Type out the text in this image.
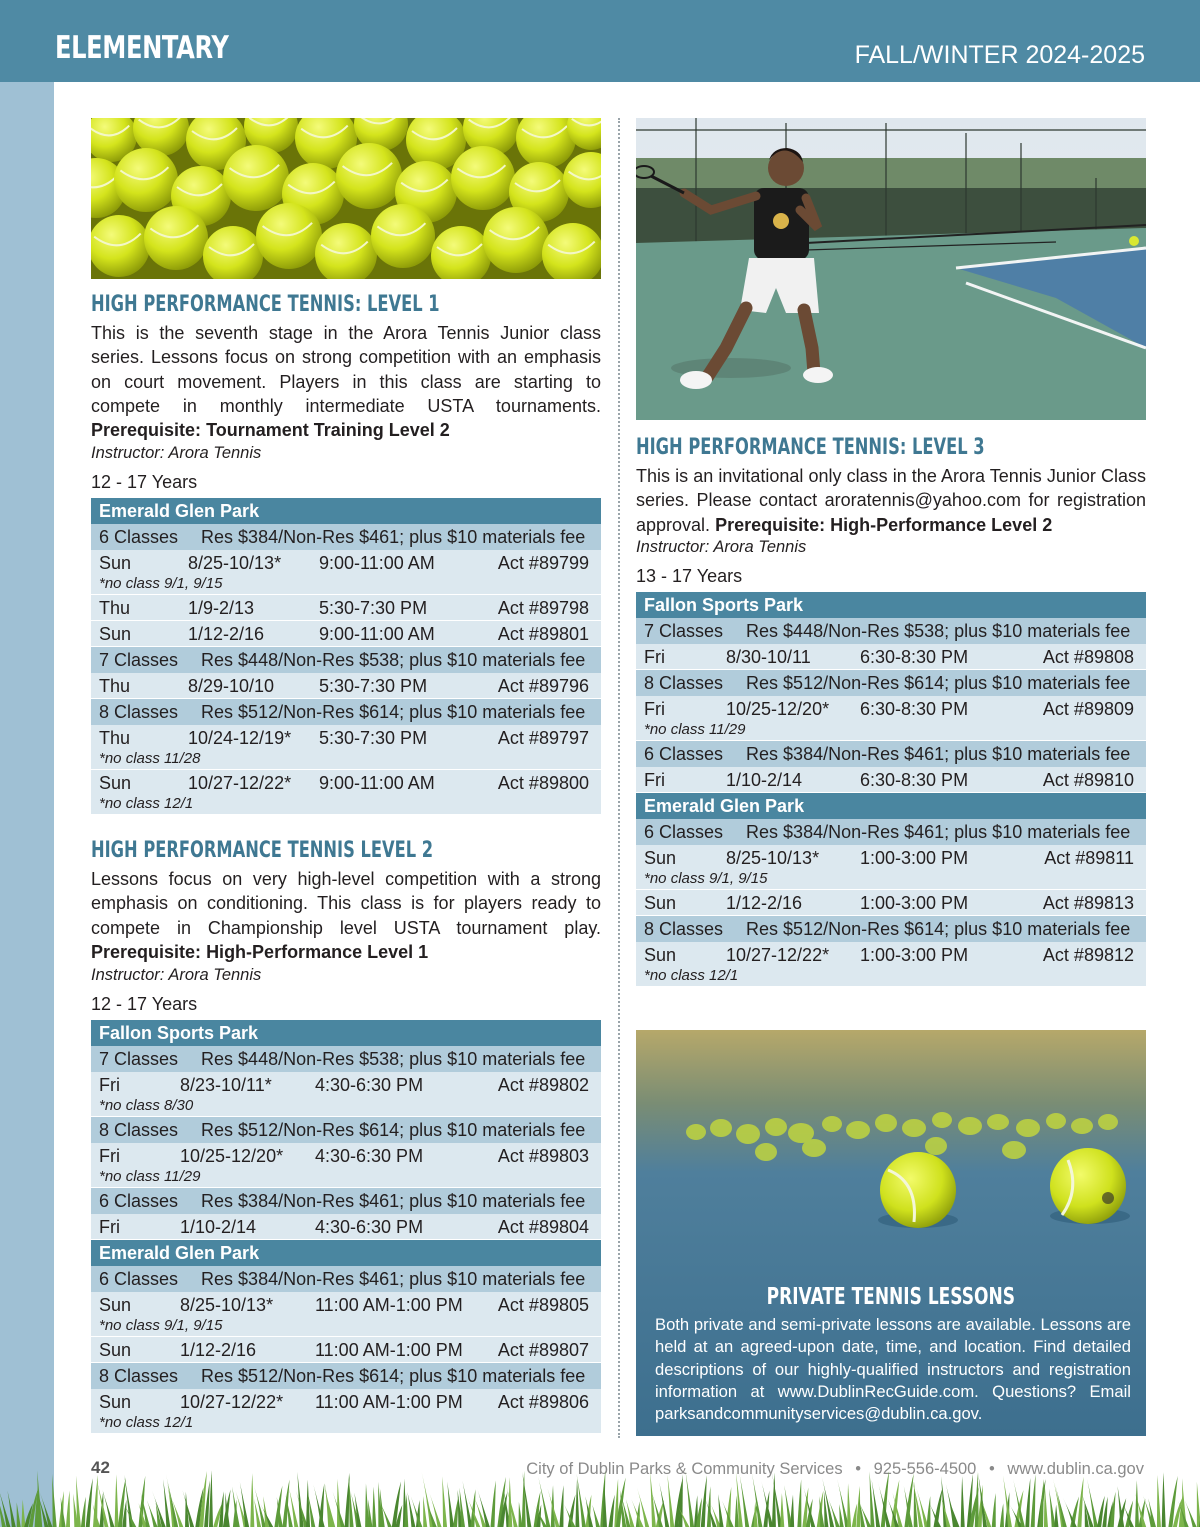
ELEMENTARY	FALL/WINTER 2024-2025
HIGH PERFORMANCE TENNIS: LEVEL 1
This is the seventh stage in the Arora Tennis Junior class series. Lessons focus on strong competition with an emphasis on court movement. Players in this class are starting to compete in monthly intermediate USTA tournaments. Prerequisite: Tournament Training Level 2
Instructor: Arora Tennis
12 - 17 Years
Emerald Glen Park
6 Classes Res $384/Non-Res $461; plus $10 materials fee
Sun	8/25-10/13* 9:00-11:00 AM	Act #89799
*no class 9/1, 9/15
Thu	1/9-2/13	5:30-7:30 PM	Act #89798
Sun	1/12-2/16	9:00-11:00 AM	Act #89801
7 Classes Res $448/Non-Res $538; plus $10 materials fee
Thu	8/29-10/10 5:30-7:30 PM	Act #89796
8 Classes Res $512/Non-Res $614; plus $10 materials fee
Thu	10/24-12/19* 5:30-7:30 PM	Act #89797
*no class 11/28
Sun	10/27-12/22* 9:00-11:00 AM	Act #89800
*no class 12/1
HIGH PERFORMANCE TENNIS LEVEL 2
Lessons focus on very high-level competition with a strong emphasis on conditioning. This class is for players ready to compete in Championship level USTA tournament play. Prerequisite: High-Performance Level 1
Instructor: Arora Tennis
12 - 17 Years
Fallon Sports Park
7 Classes Res $448/Non-Res $538; plus $10 materials fee
Fri	8/23-10/11* 4:30-6:30 PM	Act #89802
*no class 8/30
8 Classes Res $512/Non-Res $614; plus $10 materials fee
Fri	10/25-12/20* 4:30-6:30 PM	Act #89803
*no class 11/29
6 Classes Res $384/Non-Res $461; plus $10 materials fee
Fri	1/10-2/14	4:30-6:30 PM	Act #89804
Emerald Glen Park
6 Classes Res $384/Non-Res $461; plus $10 materials fee
Sun	8/25-10/13* 11:00 AM-1:00 PM Act #89805
*no class 9/1, 9/15
Sun	1/12-2/16	11:00 AM-1:00 PM Act #89807
8 Classes Res $512/Non-Res $614; plus $10 materials fee
Sun	10/27-12/22* 11:00 AM-1:00 PM Act #89806
*no class 12/1
HIGH PERFORMANCE TENNIS: LEVEL 3
This is an invitational only class in the Arora Tennis Junior Class series. Please contact aroratennis@yahoo.com for registration approval. Prerequisite: High-Performance Level 2
Instructor: Arora Tennis
13 - 17 Years
Fallon Sports Park
7 Classes Res $448/Non-Res $538; plus $10 materials fee
Fri	8/30-10/11	6:30-8:30 PM	Act #89808
8 Classes Res $512/Non-Res $614; plus $10 materials fee
Fri	10/25-12/20* 6:30-8:30 PM	Act #89809
*no class 11/29
6 Classes Res $384/Non-Res $461; plus $10 materials fee
Fri	1/10-2/14	6:30-8:30 PM	Act #89810
Emerald Glen Park
6 Classes Res $384/Non-Res $461; plus $10 materials fee
Sun	8/25-10/13* 1:00-3:00 PM	Act #89811
*no class 9/1, 9/15
Sun	1/12-2/16	1:00-3:00 PM	Act #89813
8 Classes Res $512/Non-Res $614; plus $10 materials fee
Sun	10/27-12/22* 1:00-3:00 PM	Act #89812
*no class 12/1
PRIVATE TENNIS LESSONS
Both private and semi-private lessons are available. Lessons are held at an agreed-upon date, time, and location. Find detailed descriptions of our highly-qualified instructors and registration information at www.DublinRecGuide.com. Questions? Email parksandcommunityservices@dublin.ca.gov.
42	City of Dublin Parks & Community Services • 925-556-4500 • www.dublin.ca.gov
